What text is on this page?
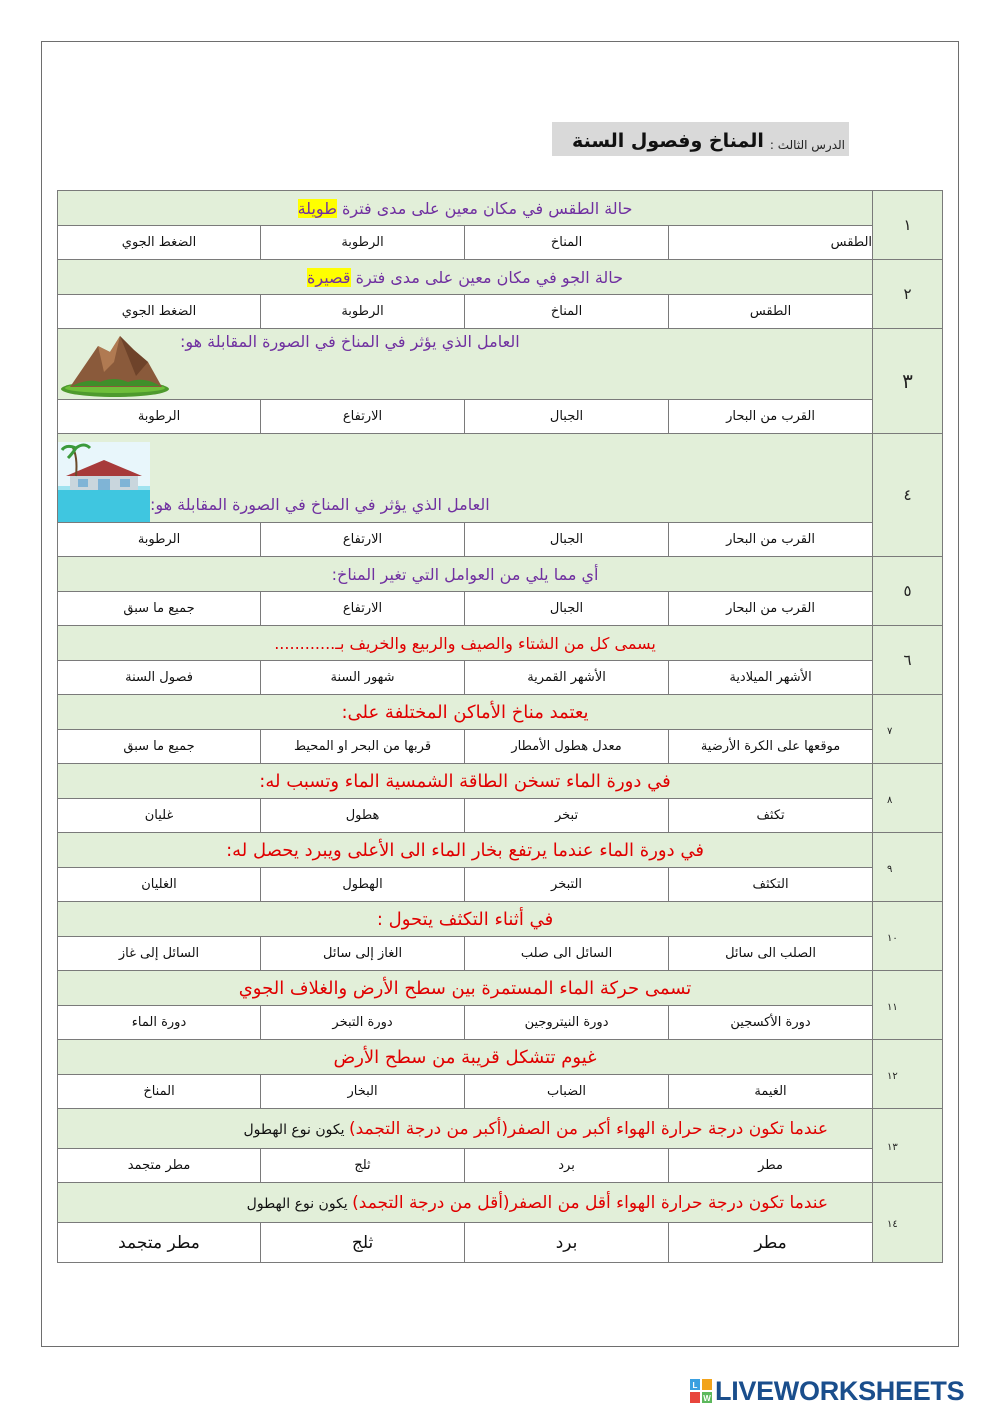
الدرس الثالث :
المناخ وفصول السنة
١	حالة الطقس في مكان معين على مدى فترة طويلة			
	الطقس	المناخ	الرطوبة	الضغط الجوي
٢	حالة الجو في مكان معين على مدى فترة قصيرة			
	الطقس	المناخ	الرطوبة	الضغط الجوي
٣	العامل الذي يؤثر في المناخ في الصورة المقابلة هو:			

	القرب من البحار	الجبال	الارتفاع	الرطوبة
٤	العامل الذي يؤثر في المناخ في الصورة المقابلة هو:			

	القرب من البحار	الجبال	الارتفاع	الرطوبة
٥	أي مما يلي من العوامل التي تغير المناخ:			
	القرب من البحار	الجبال	الارتفاع	جميع ما سبق
٦	يسمى كل من الشتاء والصيف والربيع والخريف بـ............			
	الأشهر الميلادية	الأشهر القمرية	شهور السنة	فصول السنة
٧	يعتمد مناخ الأماكن المختلفة على:			
	موقعها على الكرة الأرضية	معدل هطول الأمطار	قربها من البحر او المحيط	جميع ما سبق
٨	في دورة الماء تسخن الطاقة الشمسية الماء وتسبب له:			
	تكثف	تبخر	هطول	غليان
٩	في دورة الماء عندما يرتفع بخار الماء الى الأعلى ويبرد يحصل له:			
	التكثف	التبخر	الهطول	الغليان
١٠	في أثناء التكثف يتحول :			
	الصلب الى سائل	السائل الى صلب	الغاز إلى سائل	السائل إلى غاز
١١	تسمى حركة الماء المستمرة بين سطح الأرض والغلاف الجوي			
	دورة الأكسجين	دورة النيتروجين	دورة التبخر	دورة الماء
١٢	غيوم تتشكل قريبة من سطح الأرض			
	الغيمة	الضباب	البخار	المناخ
١٣	عندما تكون درجة حرارة الهواء أكبر من الصفر(أكبر من درجة التجمد) يكون نوع الهطول			
	مطر	برد	ثلج	مطر متجمد
١٤	عندما تكون درجة حرارة الهواء أقل من الصفر(أقل من درجة التجمد) يكون نوع الهطول			
	مطر	برد	ثلج	مطر متجمد
L
W LIVEWORKSHEETS
